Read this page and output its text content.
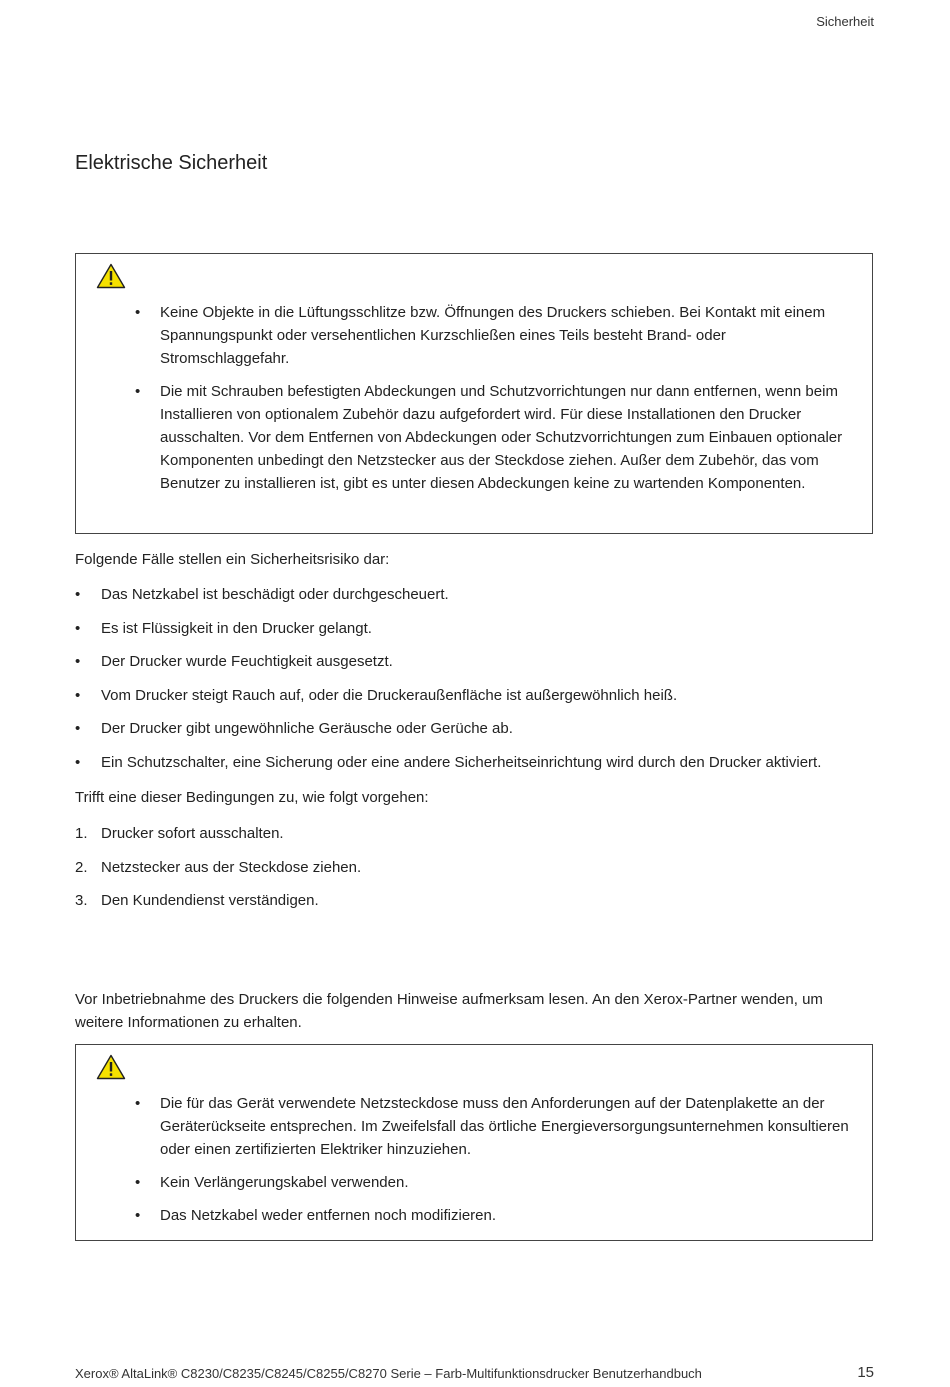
Sicherheit
Elektrische Sicherheit
• Keine Objekte in die Lüftungsschlitze bzw. Öffnungen des Druckers schieben. Bei Kontakt mit einem Spannungspunkt oder versehentlichen Kurzschließen eines Teils besteht Brand- oder Stromschlaggefahr.
• Die mit Schrauben befestigten Abdeckungen und Schutzvorrichtungen nur dann entfernen, wenn beim Installieren von optionalem Zubehör dazu aufgefordert wird. Für diese Installationen den Drucker ausschalten. Vor dem Entfernen von Abdeckungen oder Schutzvorrichtungen zum Einbauen optionaler Komponenten unbedingt den Netzstecker aus der Steckdose ziehen. Außer dem Zubehör, das vom Benutzer zu installieren ist, gibt es unter diesen Abdeckungen keine zu wartenden Komponenten.

Folgende Fälle stellen ein Sicherheitsrisiko dar:

• Das Netzkabel ist beschädigt oder durchgescheuert.
• Es ist Flüssigkeit in den Drucker gelangt.
• Der Drucker wurde Feuchtigkeit ausgesetzt.
• Vom Drucker steigt Rauch auf, oder die Druckeraußenfläche ist außergewöhnlich heiß.
• Der Drucker gibt ungewöhnliche Geräusche oder Gerüche ab.
• Ein Schutzschalter, eine Sicherung oder eine andere Sicherheitseinrichtung wird durch den Drucker aktiviert.

Trifft eine dieser Bedingungen zu, wie folgt vorgehen:

1. Drucker sofort ausschalten.
2. Netzstecker aus der Steckdose ziehen.
3. Den Kundendienst verständigen.

Vor Inbetriebnahme des Druckers die folgenden Hinweise aufmerksam lesen. An den Xerox-Partner wenden, um weitere Informationen zu erhalten.

• Die für das Gerät verwendete Netzsteckdose muss den Anforderungen auf der Datenplakette an der Geräterückseite entsprechen. Im Zweifelsfall das örtliche Energieversorgungsunternehmen konsultieren oder einen zertifizierten Elektriker hinzuziehen.
• Kein Verlängerungskabel verwenden.
• Das Netzkabel weder entfernen noch modifizieren.
Xerox® AltaLink® C8230/C8235/C8245/C8255/C8270 Serie – Farb-Multifunktionsdrucker Benutzerhandbuch	15
